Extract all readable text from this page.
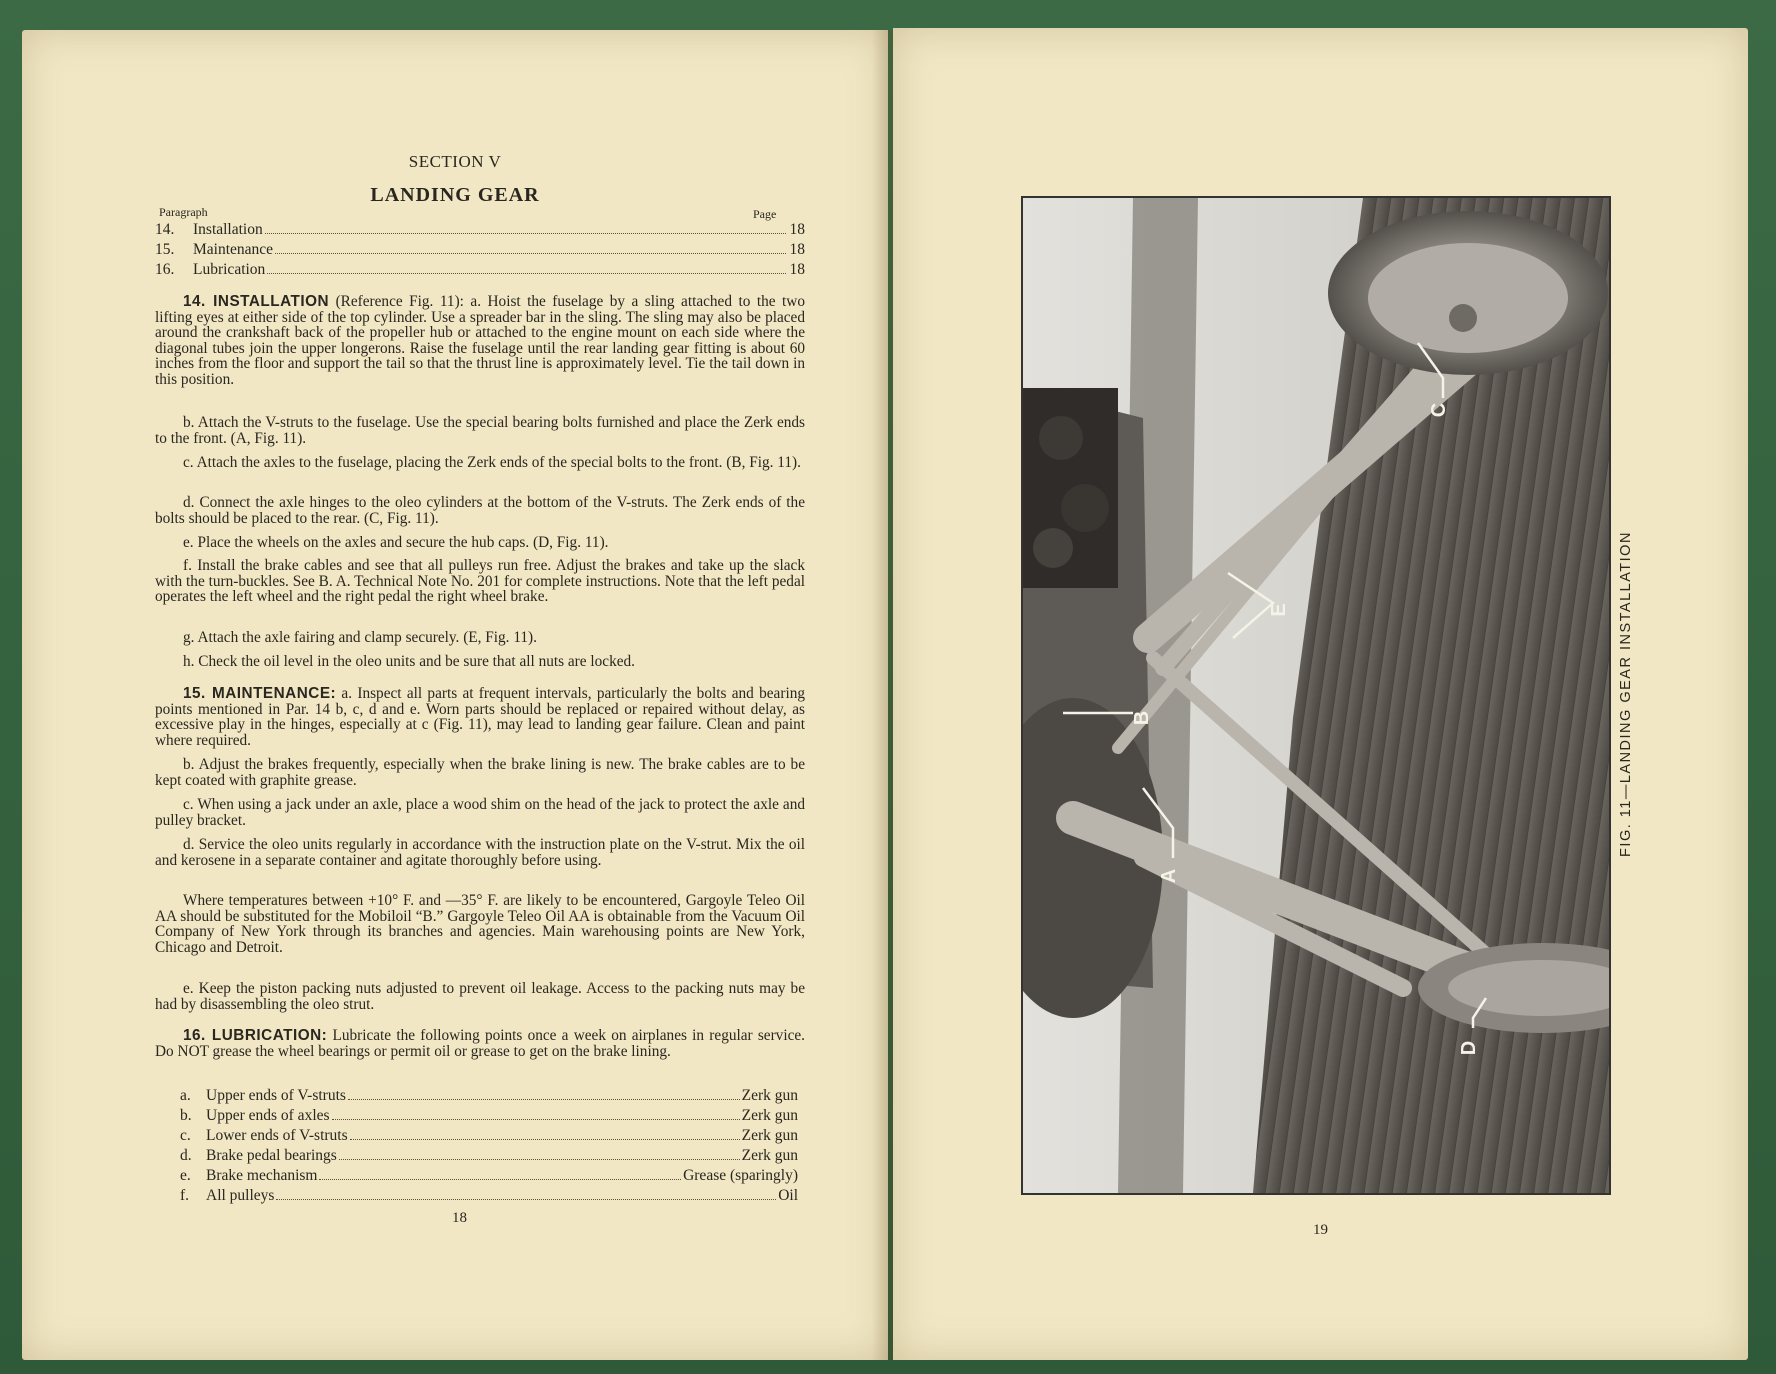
SECTION V
LANDING GEAR
Paragraph	Page
14.	Installation	18
15.	Maintenance	18
16.	Lubrication	18
14. INSTALLATION (Reference Fig. 11): a. Hoist the fuselage by a sling attached to the two lifting eyes at either side of the top cylinder. Use a spreader bar in the sling. The sling may also be placed around the crankshaft back of the propeller hub or attached to the engine mount on each side where the diagonal tubes join the upper longerons. Raise the fuselage until the rear landing gear fitting is about 60 inches from the floor and support the tail so that the thrust line is approximately level. Tie the tail down in this position.
b. Attach the V-struts to the fuselage. Use the special bearing bolts furnished and place the Zerk ends to the front. (A, Fig. 11).
c. Attach the axles to the fuselage, placing the Zerk ends of the special bolts to the front. (B, Fig. 11).
d. Connect the axle hinges to the oleo cylinders at the bottom of the V-struts. The Zerk ends of the bolts should be placed to the rear. (C, Fig. 11).
e. Place the wheels on the axles and secure the hub caps. (D, Fig. 11).
f. Install the brake cables and see that all pulleys run free. Adjust the brakes and take up the slack with the turn-buckles. See B. A. Technical Note No. 201 for complete instructions. Note that the left pedal operates the left wheel and the right pedal the right wheel brake.
g. Attach the axle fairing and clamp securely. (E, Fig. 11).
h. Check the oil level in the oleo units and be sure that all nuts are locked.
15. MAINTENANCE: a. Inspect all parts at frequent intervals, particularly the bolts and bearing points mentioned in Par. 14 b, c, d and e. Worn parts should be replaced or repaired without delay, as excessive play in the hinges, especially at c (Fig. 11), may lead to landing gear failure. Clean and paint where required.
b. Adjust the brakes frequently, especially when the brake lining is new. The brake cables are to be kept coated with graphite grease.
c. When using a jack under an axle, place a wood shim on the head of the jack to protect the axle and pulley bracket.
d. Service the oleo units regularly in accordance with the instruction plate on the V-strut. Mix the oil and kerosene in a separate container and agitate thoroughly before using.
Where temperatures between +10° F. and —35° F. are likely to be encountered, Gargoyle Teleo Oil AA should be substituted for the Mobiloil “B.” Gargoyle Teleo Oil AA is obtainable from the Vacuum Oil Company of New York through its branches and agencies. Main warehousing points are New York, Chicago and Detroit.
e. Keep the piston packing nuts adjusted to prevent oil leakage. Access to the packing nuts may be had by disassembling the oleo strut.
16. LUBRICATION: Lubricate the following points once a week on airplanes in regular service. Do NOT grease the wheel bearings or permit oil or grease to get on the brake lining.
a. Upper ends of V-struts	Zerk gun
b. Upper ends of axles	Zerk gun
c. Lower ends of V-struts	Zerk gun
d. Brake pedal bearings	Zerk gun
e. Brake mechanism	Grease (sparingly)
f.	All pulleys	Oil
18
19
C
B
A
D
E	FIG. 11—LANDING GEAR INSTALLATION
